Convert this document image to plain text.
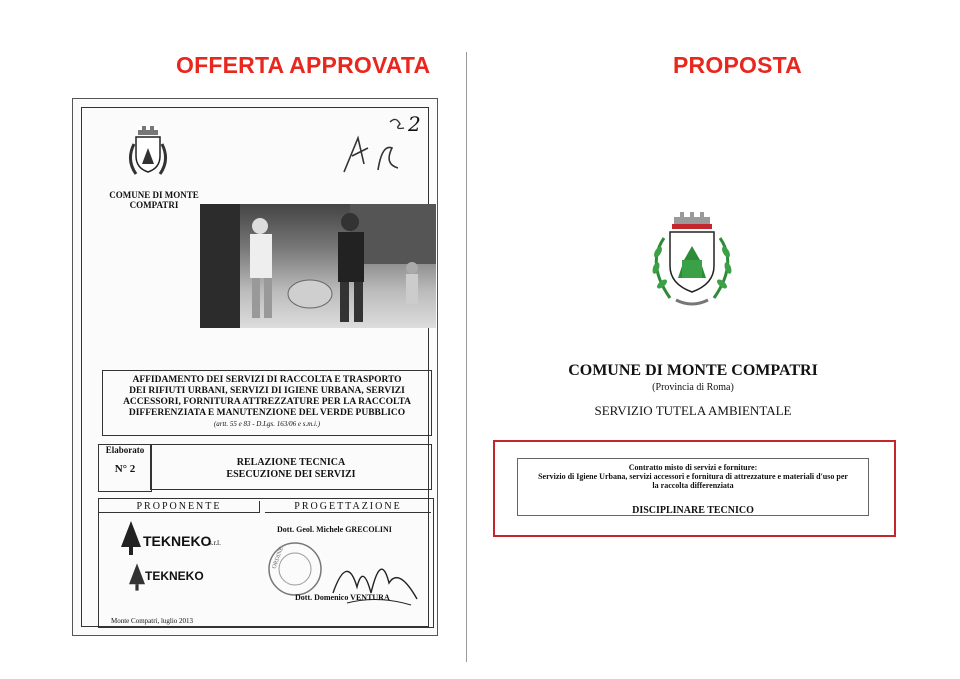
OFFERTA APPROVATA	PROPOSTA
COMUNE DI MONTE COMPATRI
2
AFFIDAMENTO DEI SERVIZI DI RACCOLTA E TRASPORTO
DEI RIFIUTI URBANI, SERVIZI DI IGIENE URBANA, SERVIZI
ACCESSORI, FORNITURA ATTREZZATURE PER LA RACCOLTA
DIFFERENZIATA E MANUTENZIONE DEL VERDE PUBBLICO
(artt. 55 e 83 - D.Lgs. 163/06 e s.m.i.)
Elaborato
N° 2
RELAZIONE TECNICA
ESECUZIONE DEI SERVIZI
PROPONENTE	PROGETTAZIONE
TEKNEKO
s.r.l.
TEKNEKO
Dott. Geol. Michele GRECOLINI
ORDINE
Dott. Domenico VENTURA
Monte Compatri, luglio 2013
COMUNE DI MONTE COMPATRI
(Provincia di Roma)
SERVIZIO TUTELA AMBIENTALE
Contratto misto di servizi e forniture:
Servizio di Igiene Urbana, servizi accessori e fornitura di attrezzature e materiali d'uso per
la raccolta differenziata
DISCIPLINARE TECNICO
